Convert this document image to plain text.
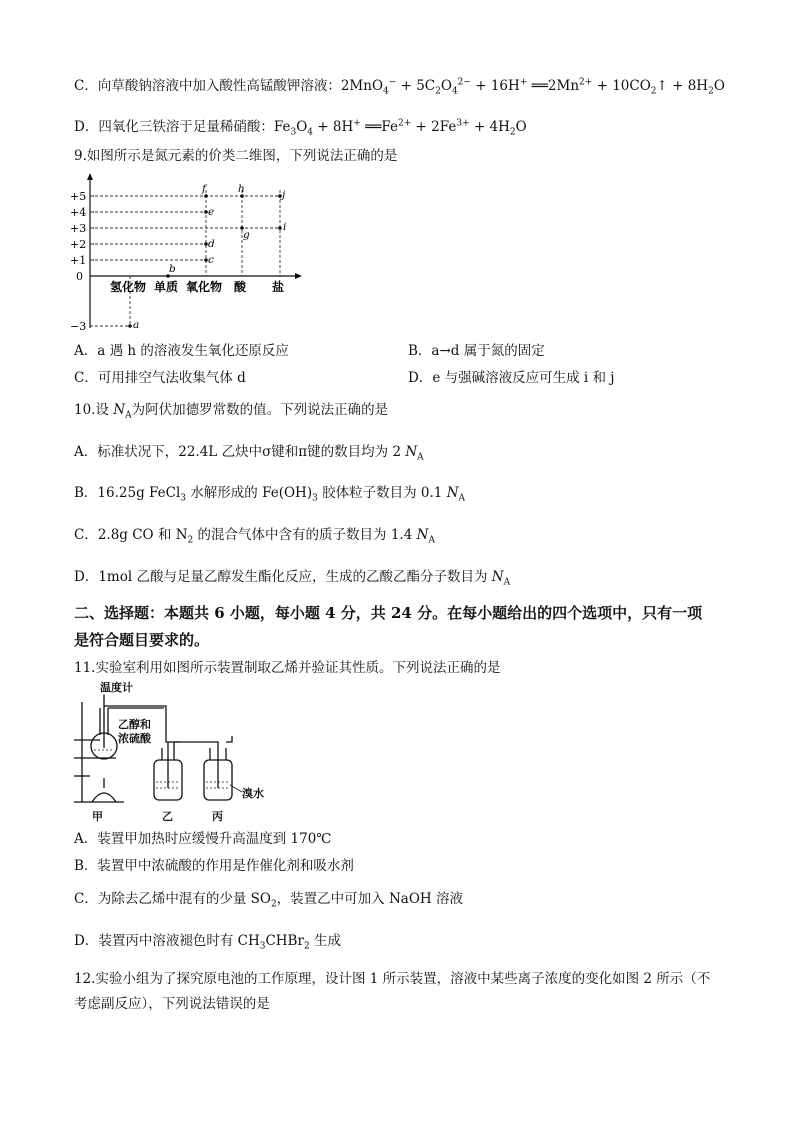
C．向草酸钠溶液中加入酸性高锰酸钾溶液：$2MnO_4^- + 5C_2O_4^{2-} + 16H^+$ $══2Mn^{2+}$ + $10CO_2↑ + 8H_2O$
D．四氧化三铁溶于足量稀硝酸：$Fe_3O_4 + 8H^+$ $══Fe^{2+} + 2Fe^{3+} + 4H_2O$
9.如图所示是氮元素的价类二维图，下列说法正确的是
+5
+4
+3
+2
+1
0
−3	a
b
c
d
e
f
g
h
i
j
氢化物 单质 氧化物 酸 盐
A．a 遇 h 的溶液发生氧化还原反应	B．a→d 属于氮的固定
C．可用排空气法收集气体 d	D．e 与强碱溶液反应可生成 i 和 j
10.设 $N_A$为阿伏加德罗常数的值。下列说法正确的是
A．标准状况下，22.4L 乙炔中σ键和π键的数目均为 2 $N_A$
B．16.25g FeCl$_3$ 水解形成的 $Fe(OH)_3$ 胶体粒子数目为 0.1 $N_A$
C．2.8g CO 和 $N_2$ 的混合气体中含有的质子数目为 1.4 $N_A$
D．1mol 乙酸与足量乙醇发生酯化反应，生成的乙酸乙酯分子数目为 $N_A$
二、选择题：本题共 6 小题，每小题 4 分，共 24 分。在每小题给出的四个选项中，只有一项
是符合题目要求的。
11.实验室利用如图所示装置制取乙烯并验证其性质。下列说法正确的是
温度计
乙醇和
浓硫酸
溴水
甲	乙	丙
A．装置甲加热时应缓慢升高温度到 170℃
B．装置甲中浓硫酸的作用是作催化剂和吸水剂
C．为除去乙烯中混有的少量 $SO_2$，装置乙中可加入 NaOH 溶液
D．装置丙中溶液褪色时有 $CH_3CHBr_2$ 生成
12.实验小组为了探究原电池的工作原理，设计图 1 所示装置，溶液中某些离子浓度的变化如图 2 所示（不
考虑副反应），下列说法错误的是
